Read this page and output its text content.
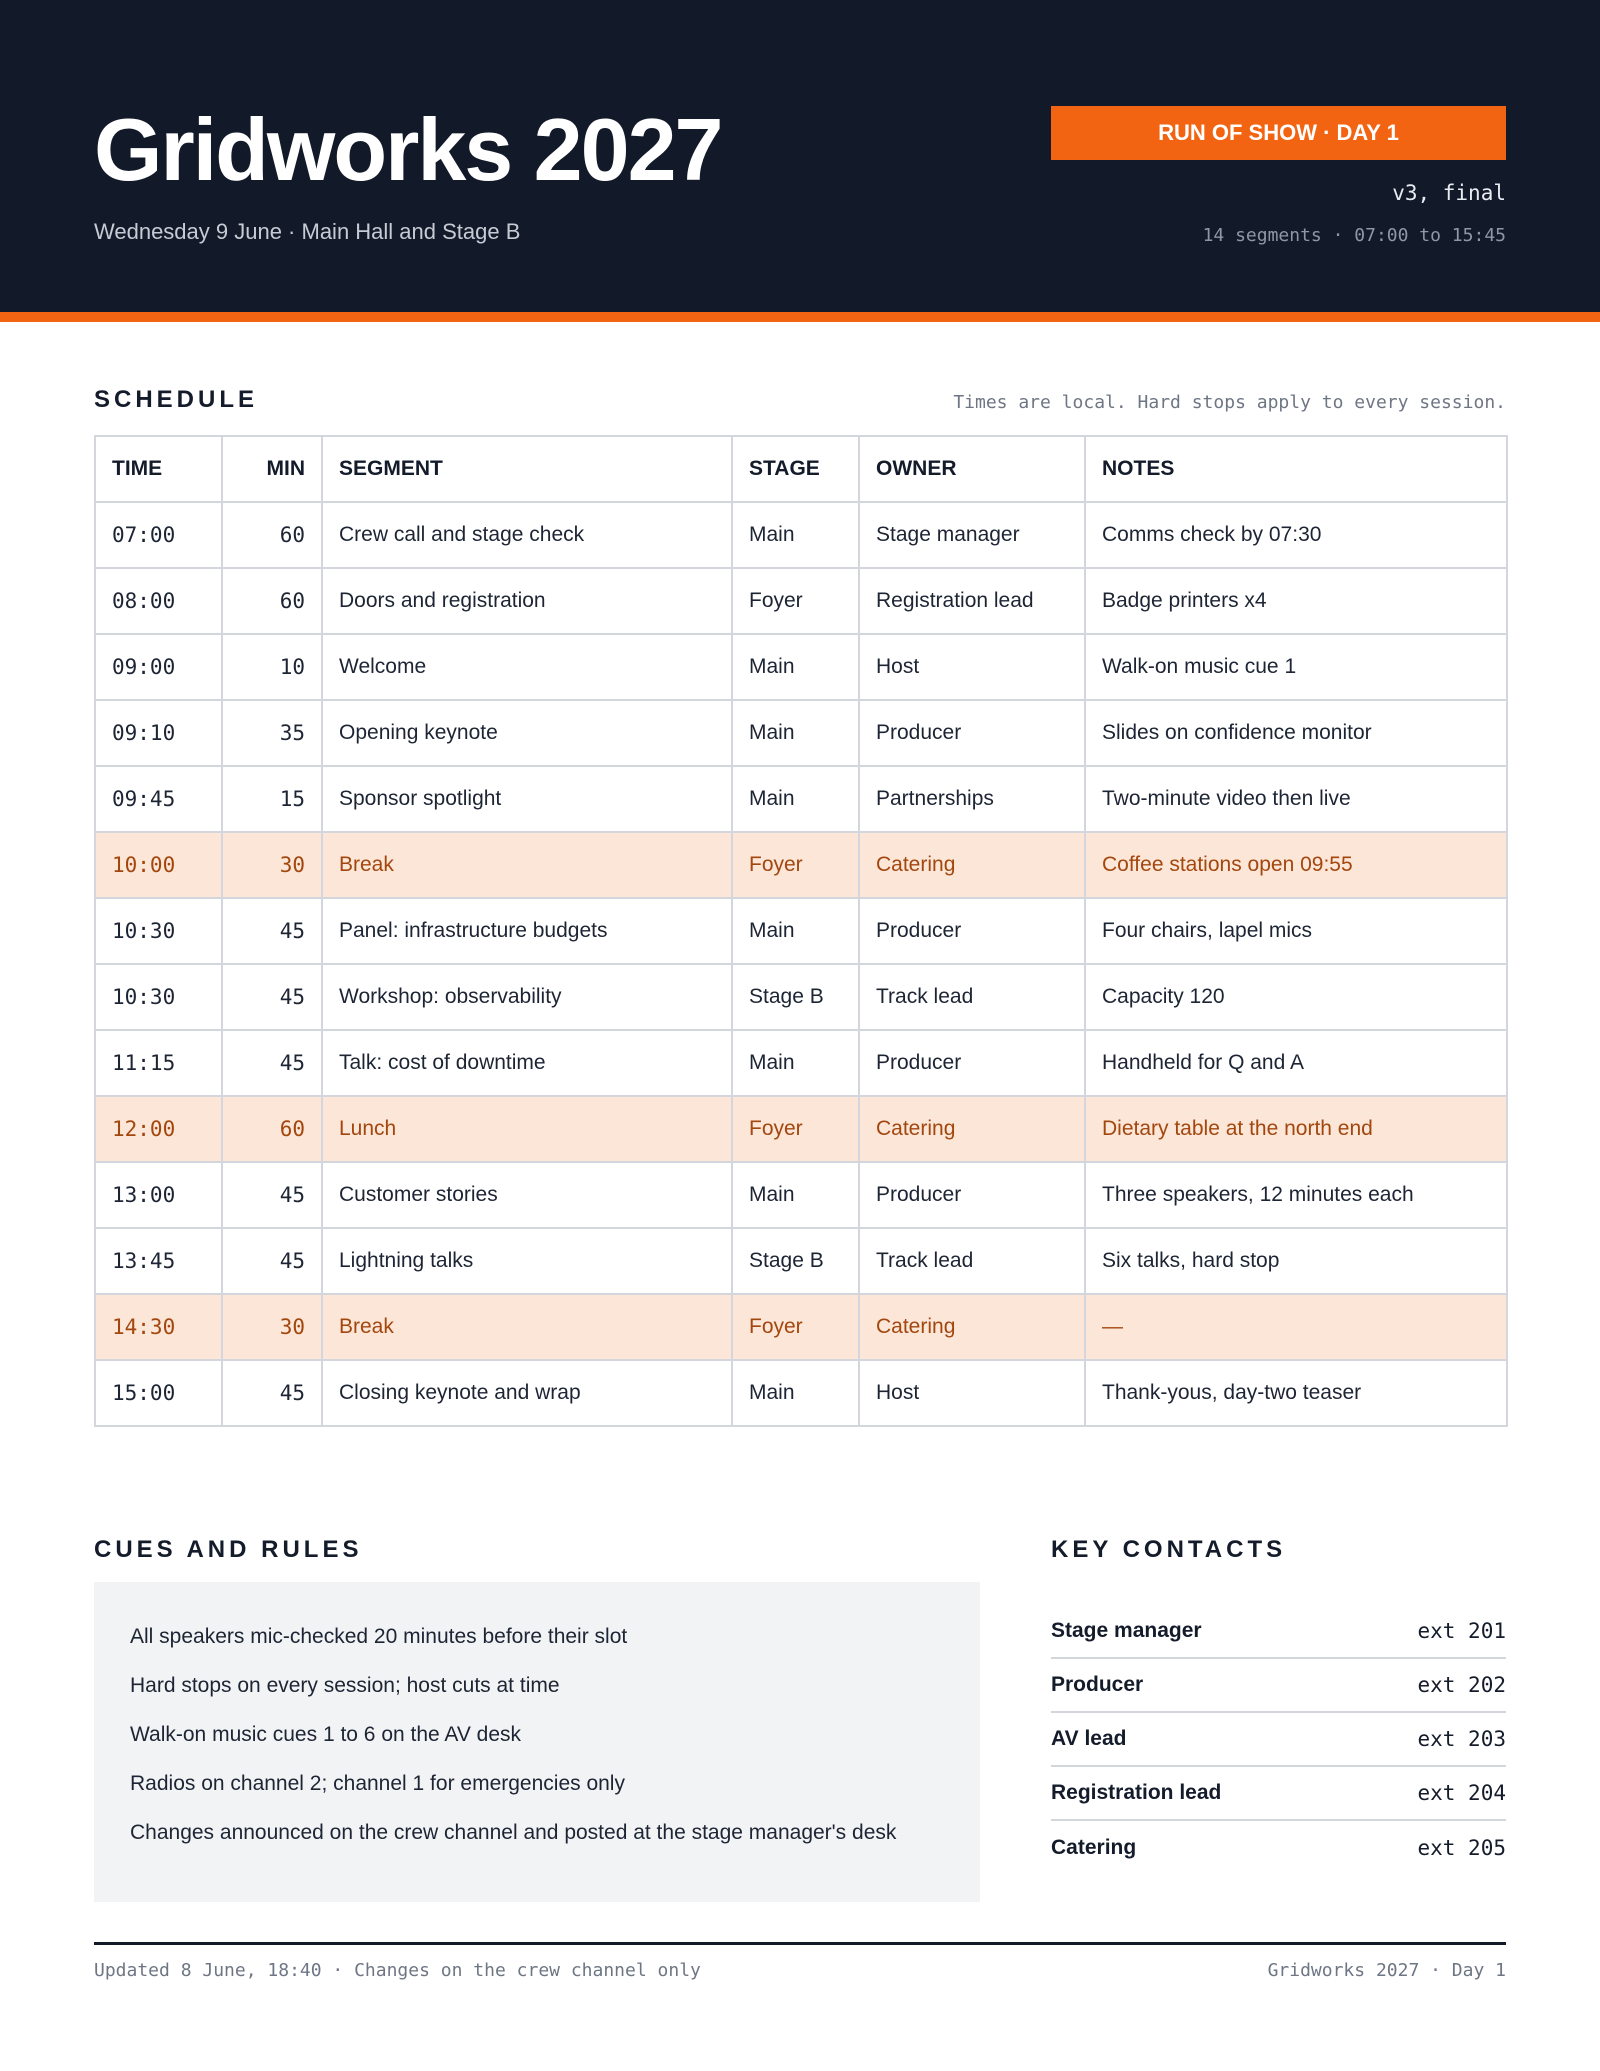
Gridworks 2027
Wednesday 9 June · Main Hall and Stage B
RUN OF SHOW · DAY 1
v3, final
14 segments · 07:00 to 15:45
SCHEDULE	Times are local. Hard stops apply to every session.
TIME	MIN	SEGMENT	STAGE	OWNER	NOTES
07:00	60	Crew call and stage check	Main	Stage manager	Comms check by 07:30
08:00	60	Doors and registration	Foyer	Registration lead	Badge printers x4
09:00	10	Welcome	Main	Host	Walk-on music cue 1
09:10	35	Opening keynote	Main	Producer	Slides on confidence monitor
09:45	15	Sponsor spotlight	Main	Partnerships	Two-minute video then live
10:00	30	Break	Foyer	Catering	Coffee stations open 09:55
10:30	45	Panel: infrastructure budgets	Main	Producer	Four chairs, lapel mics
10:30	45	Workshop: observability	Stage B	Track lead	Capacity 120
11:15	45	Talk: cost of downtime	Main	Producer	Handheld for Q and A
12:00	60	Lunch	Foyer	Catering	Dietary table at the north end
13:00	45	Customer stories	Main	Producer	Three speakers, 12 minutes each
13:45	45	Lightning talks	Stage B	Track lead	Six talks, hard stop
14:30	30	Break	Foyer	Catering	—
15:00	45	Closing keynote and wrap	Main	Host	Thank-yous, day-two teaser
CUES AND RULES
All speakers mic-checked 20 minutes before their slot
Hard stops on every session; host cuts at time
Walk-on music cues 1 to 6 on the AV desk
Radios on channel 2; channel 1 for emergencies only
Changes announced on the crew channel and posted at the stage manager's desk
KEY CONTACTS
Stage manager	ext 201
Producer	ext 202
AV lead	ext 203
Registration lead	ext 204
Catering	ext 205
Updated 8 June, 18:40 · Changes on the crew channel only	Gridworks 2027 · Day 1
